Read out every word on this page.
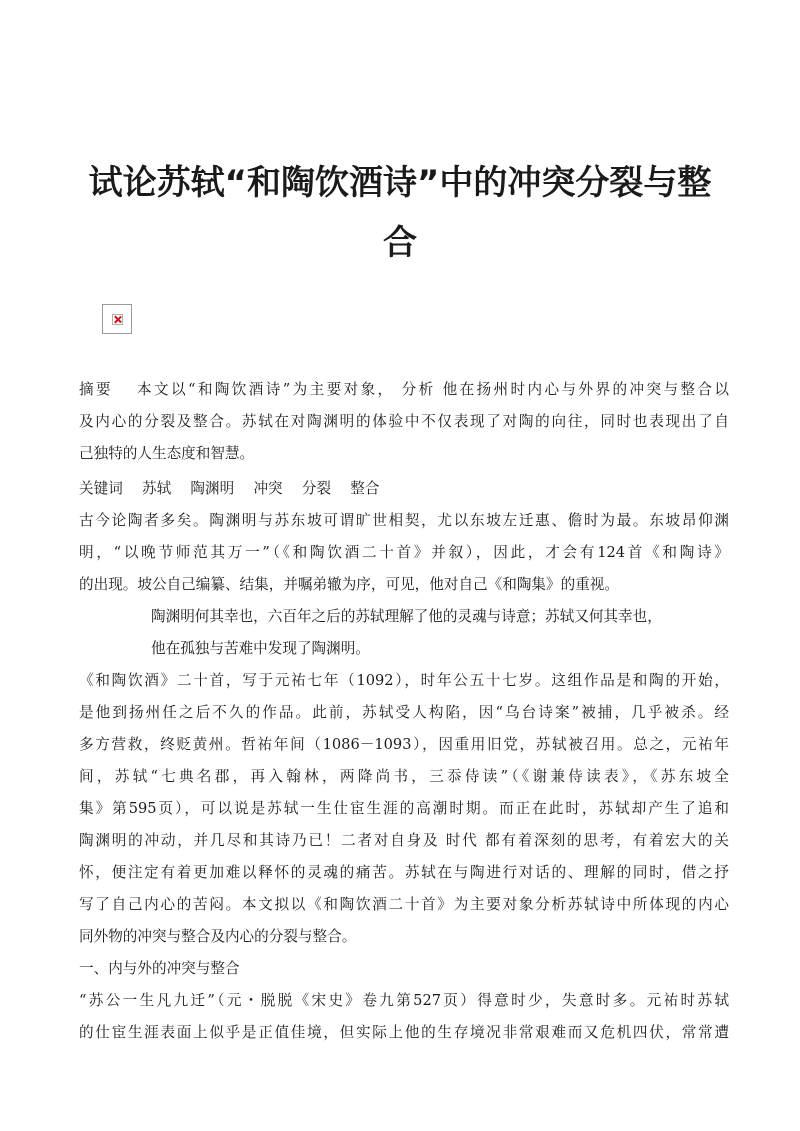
试论苏轼“和陶饮酒诗”中的冲突分裂与整
合
摘要　 本文以“和陶饮酒诗”为主要对象， 分析 他在扬州时内心与外界的冲突与整合以
及内心的分裂及整合。苏轼在对陶渊明的体验中不仅表现了对陶的向往，同时也表现出了自
己独特的人生态度和智慧。
关键词　 苏轼　 陶渊明　 冲突　 分裂　 整合
古今论陶者多矣。陶渊明与苏东坡可谓旷世相契，尤以东坡左迁惠、儋时为最。东坡昂仰渊
明，“以晚节师范其万一”（《和陶饮酒二十首》并叙），因此，才会有124首《和陶诗》
的出现。坡公自己编纂、结集，并嘱弟辙为序，可见，他对自己《和陶集》的重视。
陶渊明何其幸也，六百年之后的苏轼理解了他的灵魂与诗意；苏轼又何其幸也，
他在孤独与苦难中发现了陶渊明。
《和陶饮酒》二十首，写于元祐七年（1092），时年公五十七岁。这组作品是和陶的开始，
是他到扬州任之后不久的作品。此前，苏轼受人构陷，因“乌台诗案”被捕，几乎被杀。经
多方营救，终贬黄州。哲祐年间（1086－1093），因重用旧党，苏轼被召用。总之，元祐年
间，苏轼“七典名郡，再入翰林，两降尚书，三忝侍读”（《谢兼侍读表》，《苏东坡全
集》第595页），可以说是苏轼一生仕宦生涯的高潮时期。而正在此时，苏轼却产生了追和
陶渊明的冲动，并几尽和其诗乃已！二者对自身及 时代 都有着深刻的思考，有着宏大的关
怀，便注定有着更加难以释怀的灵魂的痛苦。苏轼在与陶进行对话的、理解的同时，借之抒
写了自己内心的苦闷。本文拟以《和陶饮酒二十首》为主要对象分析苏轼诗中所体现的内心
同外物的冲突与整合及内心的分裂与整合。
一、内与外的冲突与整合
“苏公一生凡九迁”（元・脱脱《宋史》卷九第527页）得意时少，失意时多。元祐时苏轼
的仕宦生涯表面上似乎是正值佳境，但实际上他的生存境况非常艰难而又危机四伏，常常遭
